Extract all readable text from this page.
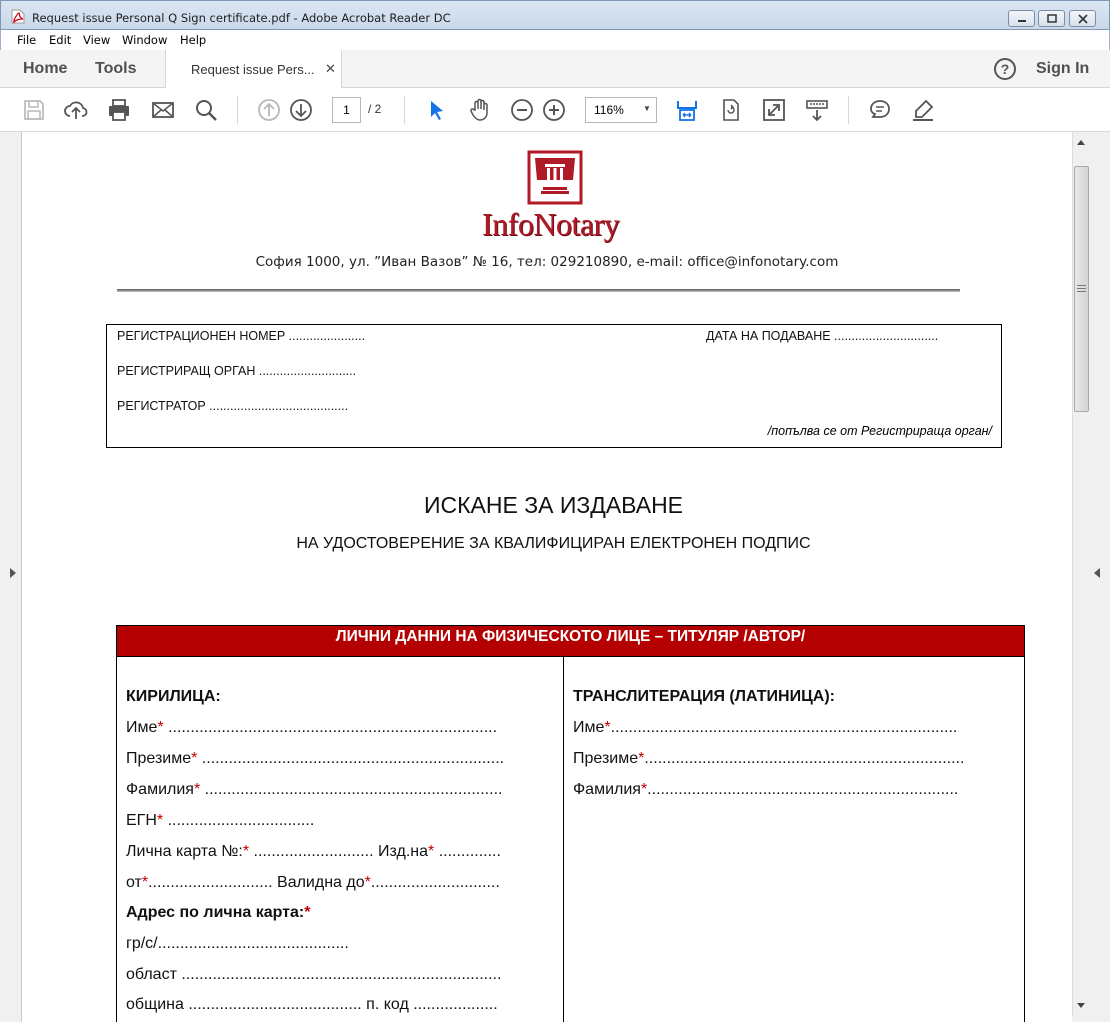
Request issue Personal Q Sign certificate.pdf - Adobe Acrobat Reader DC
File Edit View Window Help
Home Tools	Request issue Pers... ✕	?	Sign In
1	/ 2	116% ▼
InfoNotary
София 1000, ул. ”Иван Вазов” № 16, тел: 029210890, e-mail: office@infonotary.com
РЕГИСТРАЦИОНЕН НОМЕР ......................	ДАТА НА ПОДАВАНЕ ..............................
РЕГИСТРИРАЩ ОРГАН ............................
РЕГИСТРАТОР ........................................
/попълва се от Регистрираща орган/
ИСКАНЕ ЗА ИЗДАВАНЕ
НА УДОСТОВЕРЕНИЕ ЗА КВАЛИФИЦИРАН ЕЛЕКТРОНЕН ПОДПИС
ЛИЧНИ ДАННИ НА ФИЗИЧЕСКОТО ЛИЦЕ – ТИТУЛЯР /АВТОР/
КИРИЛИЦА:
Име* ..........................................................................
Презиме* ....................................................................
Фамилия* ...................................................................
ЕГН* .................................
Лична карта №:* ........................... Изд.на* ..............
от*............................ Валидна до*.............................
Адрес по лична карта:*
гр/с/...........................................
област ........................................................................
община ....................................... п. код ...................
ТРАНСЛИТЕРАЦИЯ (ЛАТИНИЦА):
Име*..............................................................................
Презиме*........................................................................
Фамилия*......................................................................
